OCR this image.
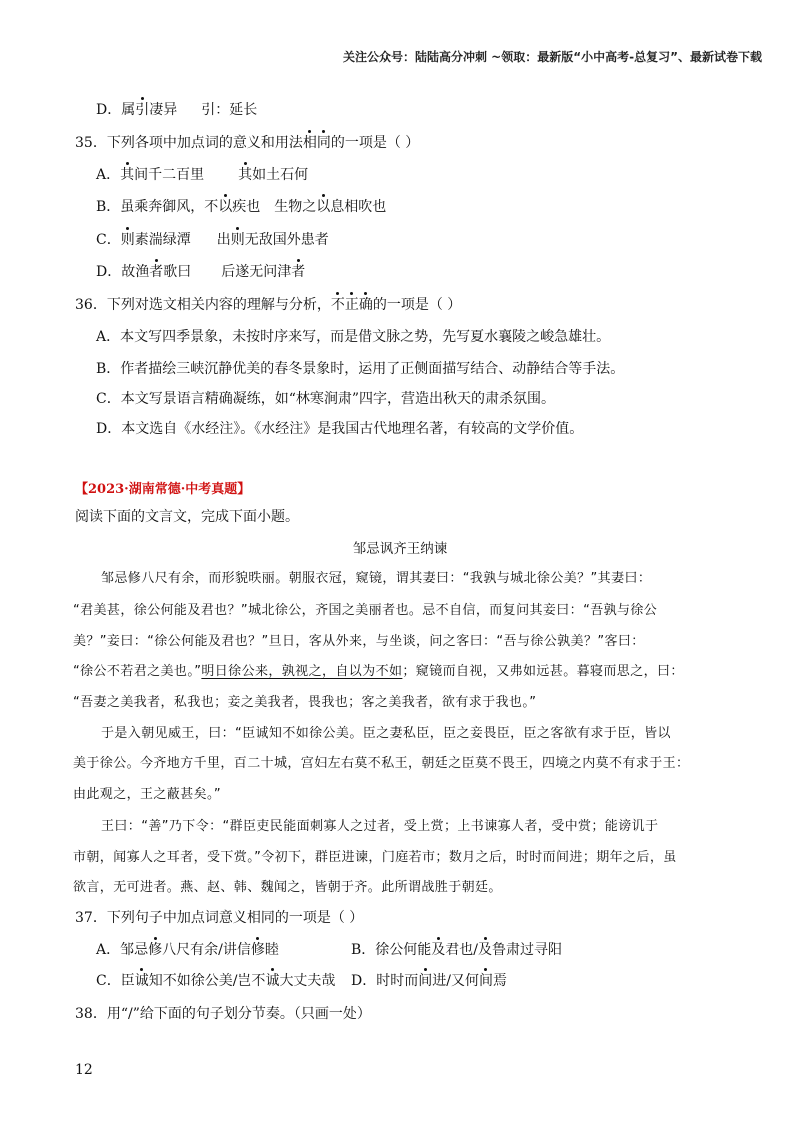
关注公众号：陆陆高分冲刺 ~领取：最新版“小中高考-总复习”、最新试卷下载
D．属引凄异 引：延长
35．下列各项中加点词的意义和用法相同的一项是（ ）
A．其间千二百里 其如土石何
B．虽乘奔御风，不以疾也 生物之以息相吹也
C．则素湍绿潭 出则无敌国外患者
D．故渔者歌曰 后遂无问津者
36．下列对选文相关内容的理解与分析，不正确的一项是（ ）
A．本文写四季景象，未按时序来写，而是借文脉之势，先写夏水襄陵之峻急雄壮。
B．作者描绘三峡沉静优美的春冬景象时，运用了正侧面描写结合、动静结合等手法。
C．本文写景语言精确凝练，如“林寒涧肃”四字，营造出秋天的肃杀氛围。
D．本文选自《水经注》。《水经注》是我国古代地理名著，有较高的文学价值。
【2023·湖南常德·中考真题】
阅读下面的文言文，完成下面小题。
邹忌讽齐王纳谏
邹忌修八尺有余，而形貌昳丽。朝服衣冠，窥镜，谓其妻曰：“我孰与城北徐公美？”其妻曰：
“君美甚，徐公何能及君也？”城北徐公，齐国之美丽者也。忌不自信，而复问其妾曰：“吾孰与徐公
美？”妾曰：“徐公何能及君也？”旦日，客从外来，与坐谈，问之客曰：“吾与徐公孰美？”客曰：
“徐公不若君之美也。”明日徐公来，孰视之，自以为不如；窥镜而自视，又弗如远甚。暮寝而思之，曰：
“吾妻之美我者，私我也；妾之美我者，畏我也；客之美我者，欲有求于我也。”
于是入朝见威王，曰：“臣诚知不如徐公美。臣之妻私臣，臣之妾畏臣，臣之客欲有求于臣，皆以
美于徐公。今齐地方千里，百二十城，宫妇左右莫不私王，朝廷之臣莫不畏王，四境之内莫不有求于王：
由此观之，王之蔽甚矣。”
王曰：“善”乃下令：“群臣吏民能面刺寡人之过者，受上赏；上书谏寡人者，受中赏；能谤讥于
市朝，闻寡人之耳者，受下赏。”令初下，群臣进谏，门庭若市；数月之后，时时而间进；期年之后，虽
欲言，无可进者。燕、赵、韩、魏闻之，皆朝于齐。此所谓战胜于朝廷。
37．下列句子中加点词意义相同的一项是（ ）
A．邹忌修八尺有余/讲信修睦	B．徐公何能及君也/及鲁肃过寻阳
C．臣诚知不如徐公美/岂不诚大丈夫哉 D．时时而间进/又何间焉
38．用“/”给下面的句子划分节奏。（只画一处）
12
